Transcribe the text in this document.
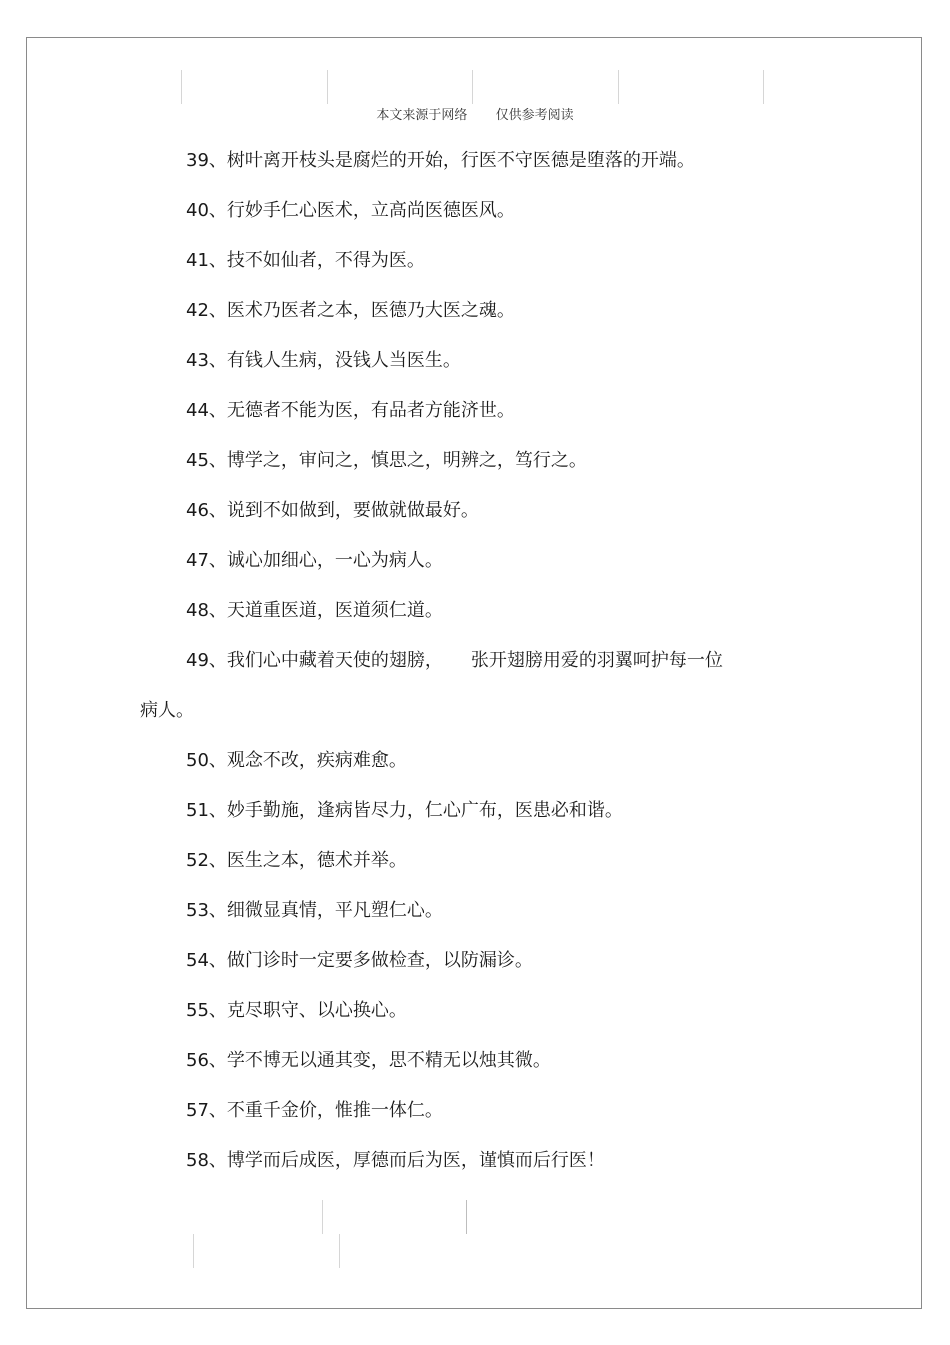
本文来源于网络 仅供参考阅读
39、树叶离开枝头是腐烂的开始，行医不守医德是堕落的开端。
40、行妙手仁心医术，立高尚医德医风。
41、技不如仙者，不得为医。
42、医术乃医者之本，医德乃大医之魂。
43、有钱人生病，没钱人当医生。
44、无德者不能为医，有品者方能济世。
45、博学之，审问之，慎思之，明辨之，笃行之。
46、说到不如做到，要做就做最好。
47、诚心加细心，一心为病人。
48、天道重医道，医道须仁道。
49、我们心中藏着天使的翅膀， 张开翅膀用爱的羽翼呵护每一位
病人。
50、观念不改，疾病难愈。
51、妙手勤施，逢病皆尽力，仁心广布，医患必和谐。
52、医生之本，德术并举。
53、细微显真情，平凡塑仁心。
54、做门诊时一定要多做检查，以防漏诊。
55、克尽职守、以心换心。
56、学不博无以通其变，思不精无以烛其微。
57、不重千金价，惟推一体仁。
58、博学而后成医，厚德而后为医，谨慎而后行医！
